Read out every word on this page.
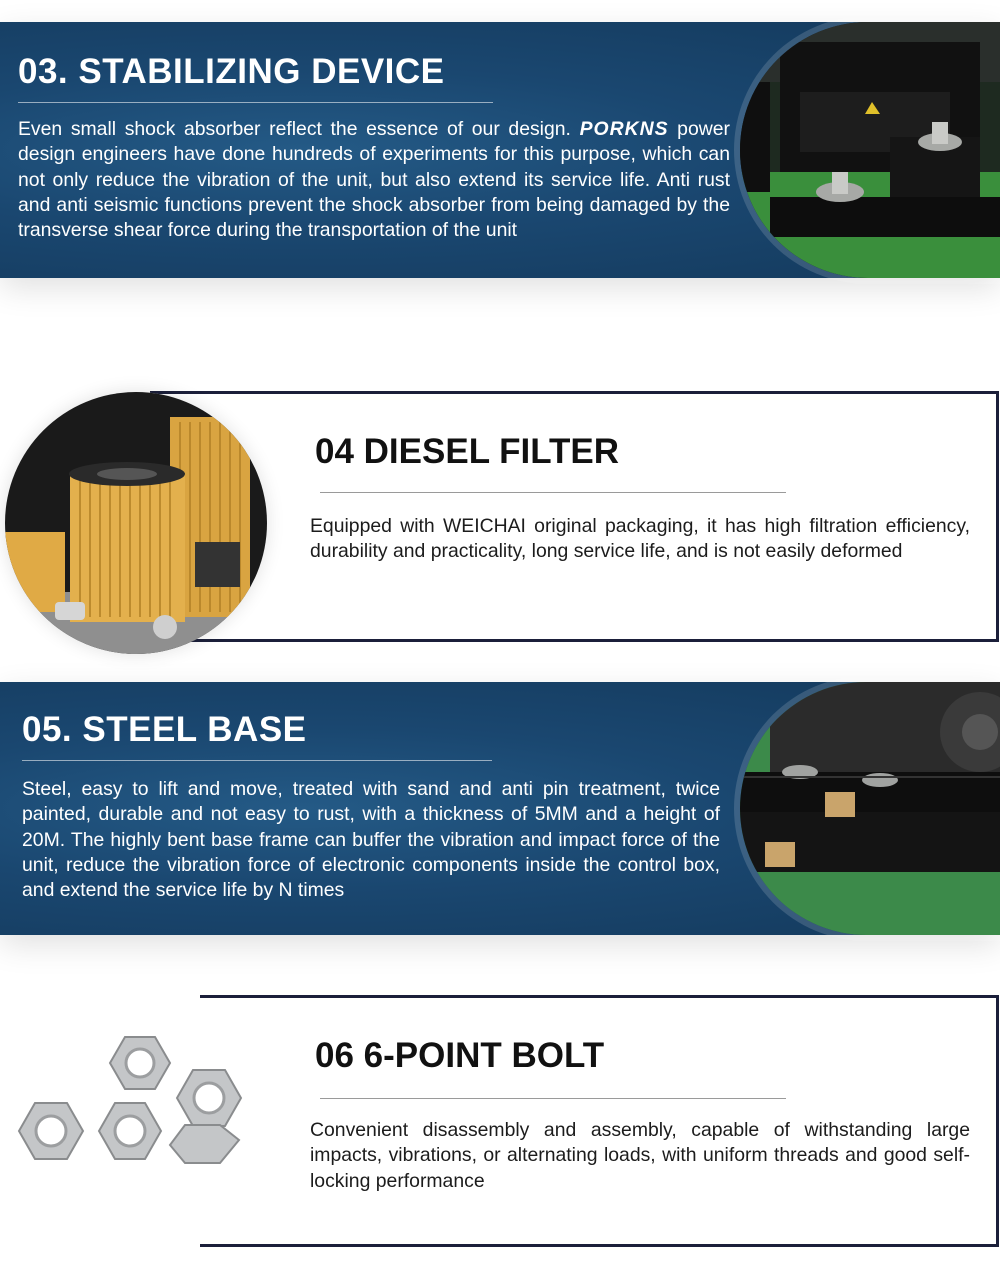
03. STABILIZING DEVICE

Even small shock absorber reflect the essence of our design. PORKNS power design engineers have done hundreds of experiments for this purpose, which can not only reduce the vibration of the unit, but also extend its service life. Anti rust and anti seismic functions prevent the shock absorber from being damaged by the transverse shear force during the transportation of the unit

04 DIESEL FILTER
Equipped with WEICHAI original packaging, it has high filtration efficiency, durability and practicality, long service life, and is not easily deformed
05. STEEL BASE
Steel, easy to lift and move, treated with sand and anti pin treatment, twice painted, durable and not easy to rust, with a thickness of 5MM and a height of 20M. The highly bent base frame can buffer the vibration and impact force of the unit, reduce the vibration force of electronic components inside the control box, and extend the service life by N times
06 6-POINT BOLT
Convenient disassembly and assembly, capable of withstanding large impacts, vibrations, or alternating loads, with uniform threads and good self-locking performance
